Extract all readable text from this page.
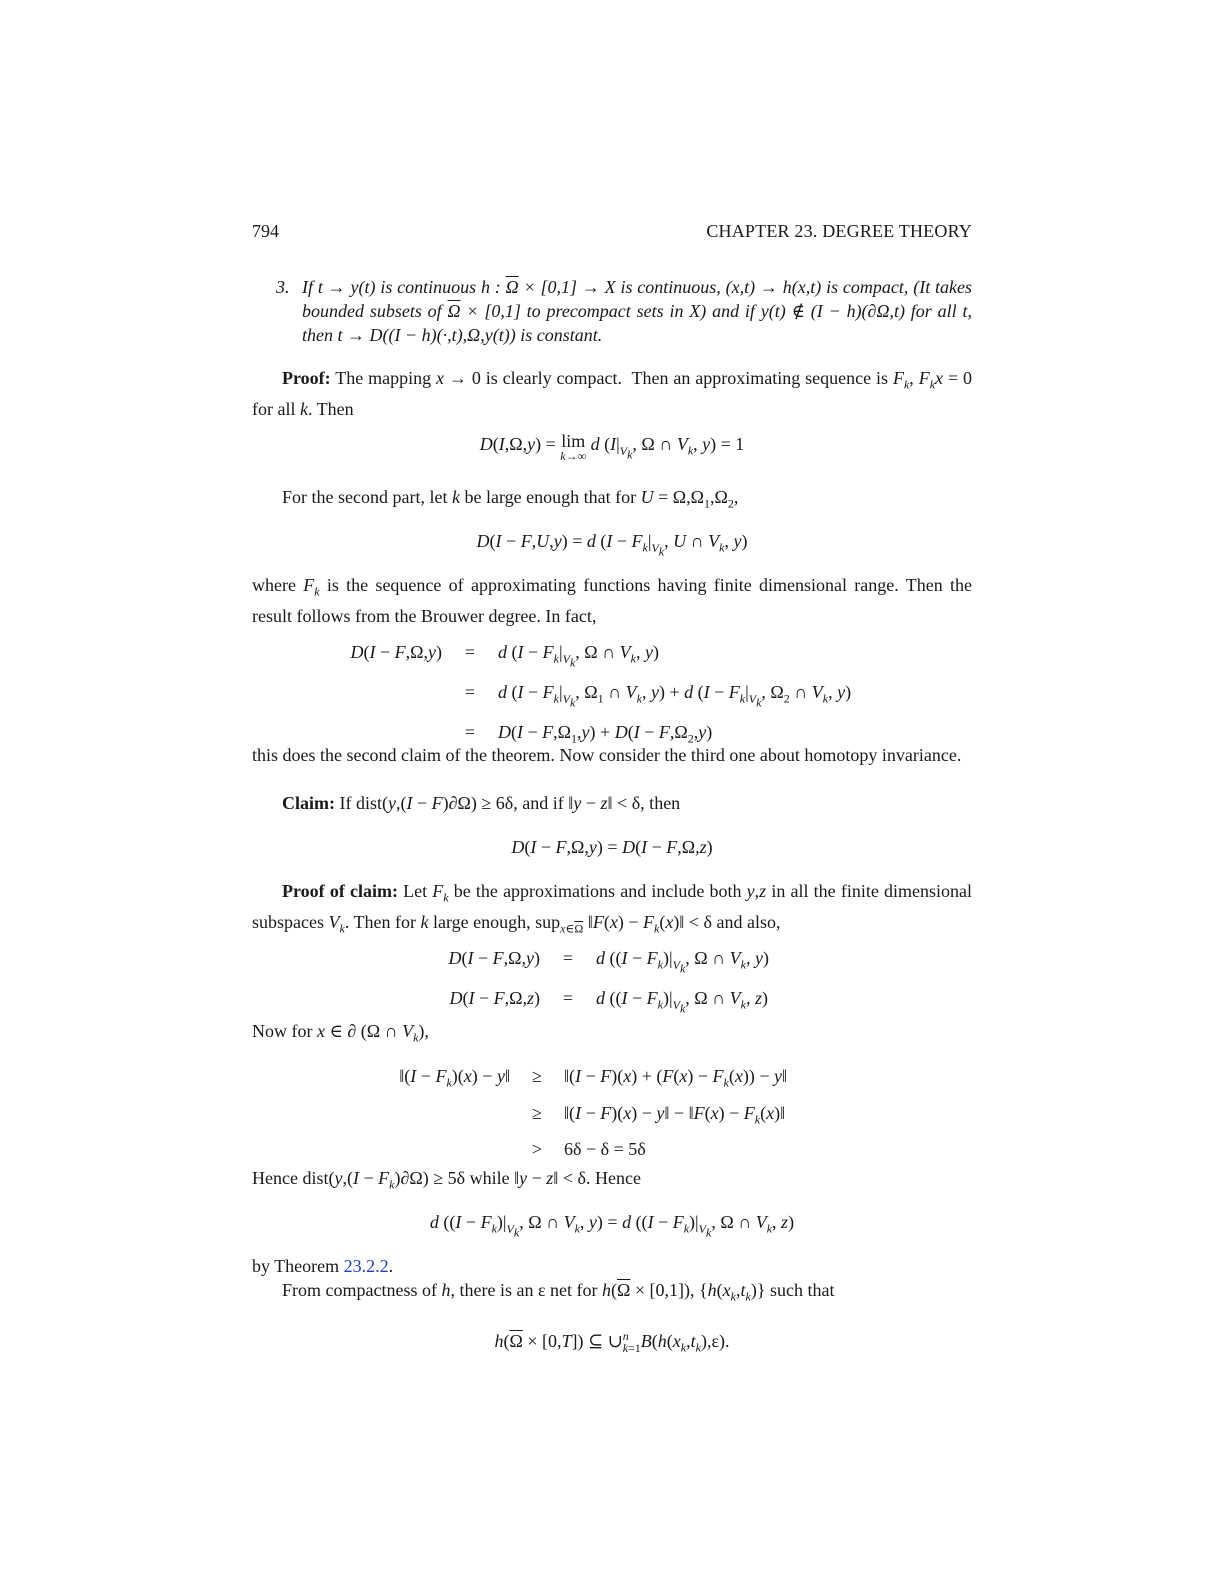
794	CHAPTER 23. DEGREE THEORY
3. If t → y(t) is continuous h : $\overline{\Omega} \times [0,1] \to X$ is continuous, (x,t) → h(x,t) is compact, (It takes bounded subsets of $\overline{\Omega} \times [0,1]$ to precompact sets in X) and if y(t) ∉ (I − h)(∂Ω,t) for all t, then t → D((I − h)(·,t),Ω,y(t)) is constant.
Proof: The mapping x → 0 is clearly compact.  Then an approximating sequence is $F_k$, $F_kx = 0$ for all k. Then
D(I,Ω,y) = lim
k→∞
d ($I|_{V_k}$, Ω ∩ $V_k$, y) = 1
For the second part, let k be large enough that for $U = \Omega,\Omega_1,\Omega_2$,
D(I − F,U,y) = d ($I - F_k|_{V_k}$, U ∩ $V_k$, y)
where $F_k$ is the sequence of approximating functions having finite dimensional range. Then the result follows from the Brouwer degree. In fact,
D(I − F,Ω,y)	=	d ($I - F_k|_{V_k}$, Ω ∩ $V_k$, y)
=	d ($I - F_k|_{V_k}$, $\Omega_1$ ∩ $V_k$, y) + d ($I - F_k|_{V_k}$, $\Omega_2$ ∩ $V_k$, y)
=	$D(I - F,\Omega_1,y) + D(I - F,\Omega_2,y)$
this does the second claim of the theorem. Now consider the third one about homotopy invariance.
Claim: If dist(y,(I − F)∂Ω) ≥ 6δ, and if ‖y − z‖ < δ, then
D(I − F,Ω,y) = D(I − F,Ω,z)
Proof of claim: Let $F_k$ be the approximations and include both y,z in all the finite dimensional subspaces $V_k$. Then for k large enough, sup$_{x\in\overline{\Omega}}$ ‖F(x) − $F_k(x)‖ < \delta$ and also,
D(I − F,Ω,y)	=	d ($(I - F_k)|_{V_k}$, Ω ∩ $V_k$, y)
D(I − F,Ω,z)	=	d ($(I - F_k)|_{V_k}$, Ω ∩ $V_k$, z)
Now for x ∈ ∂ (Ω ∩ $V_k$),
‖(I − $F_k)(x)$ − y‖	≥	‖(I − $F)(x) + (F(x) - F_k(x))$ − y‖
≥	‖(I − F)(x) − y‖ − ‖F(x) − $F_k(x)‖$
>	6δ − δ = 5δ
Hence dist(y,(I − $F_k)\partial\Omega) \ge 5\delta$ while ‖y − z‖ < δ. Hence
d ($(I - F_k)|_{V_k}$, Ω ∩ $V_k$, y) = d ($(I - F_k)|_{V_k}$, Ω ∩ $V_k$, z)
by Theorem 23.2.2.
From compactness of h, there is an ε net for $h(\overline{\Omega} \times [0,1])$, $\{h(x_k,t_k)\}$ such that
$h(\overline{\Omega} \times [0,T])$ ⊆ $\cup^n_{k=1}B(h(x_k,t_k),\varepsilon)$.
